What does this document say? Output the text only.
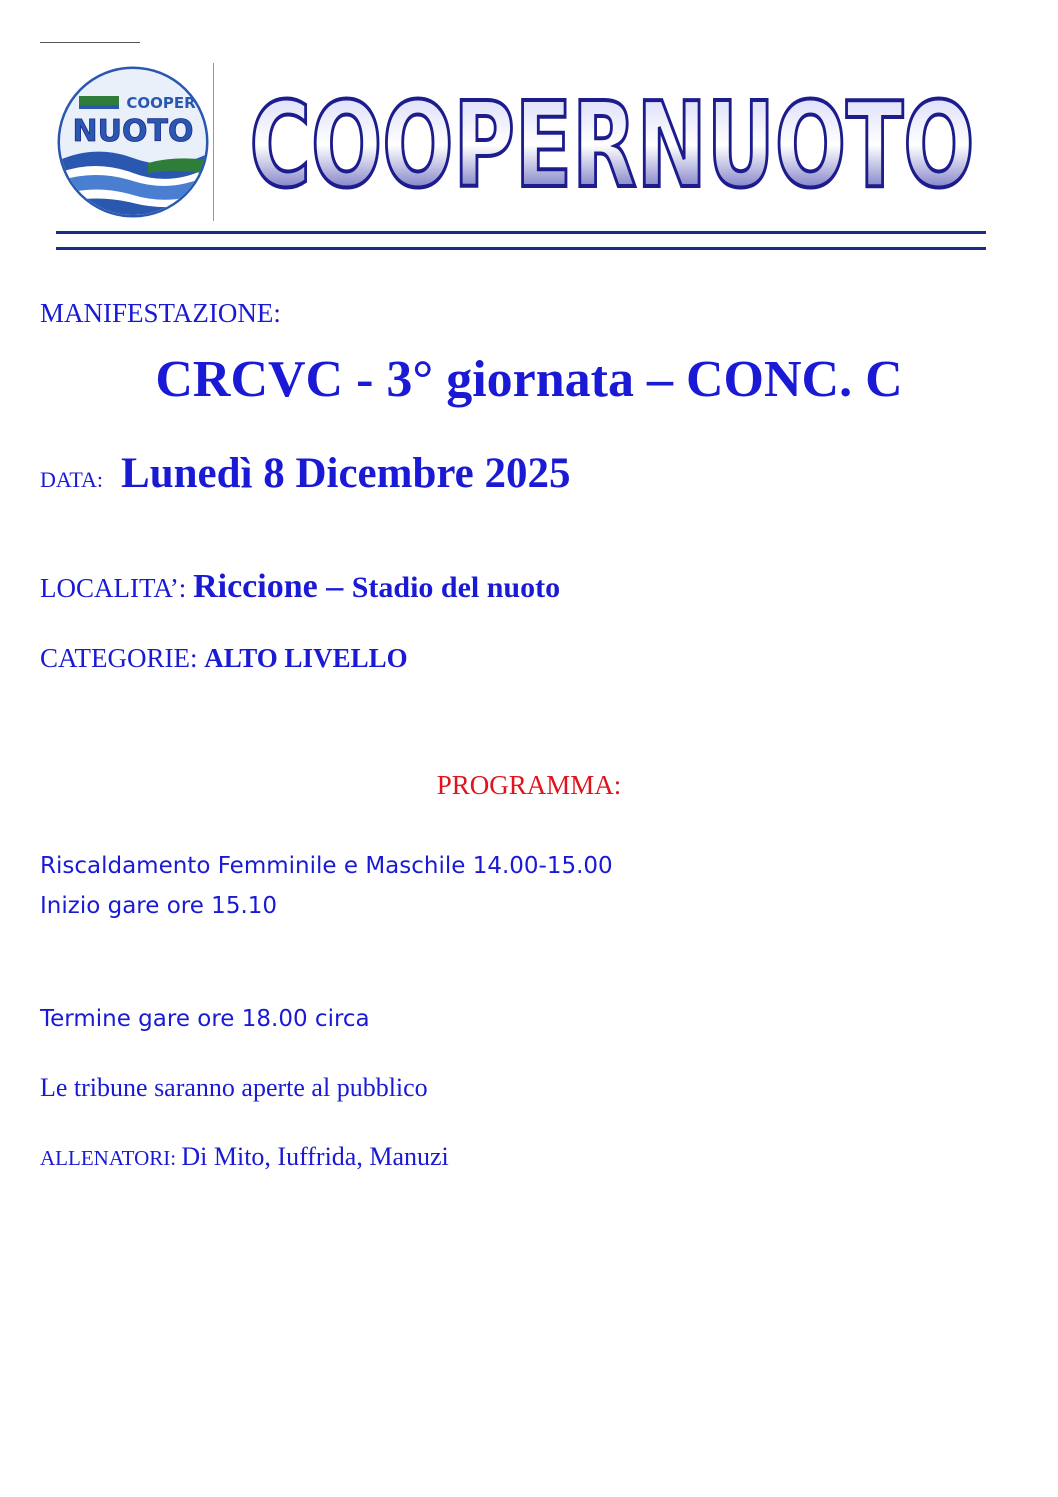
COOPER
NUOTO COOPERNUOTO
MANIFESTAZIONE:
CRCVC - 3° giornata – CONC. C
DATA: Lunedì 8 Dicembre 2025
LOCALITA’: Riccione – Stadio del nuoto
CATEGORIE: ALTO LIVELLO
PROGRAMMA:
Riscaldamento Femminile e Maschile 14.00-15.00
Inizio gare ore 15.10
Termine gare ore 18.00 circa
Le tribune saranno aperte al pubblico
ALLENATORI: Di Mito, Iuffrida, Manuzi
